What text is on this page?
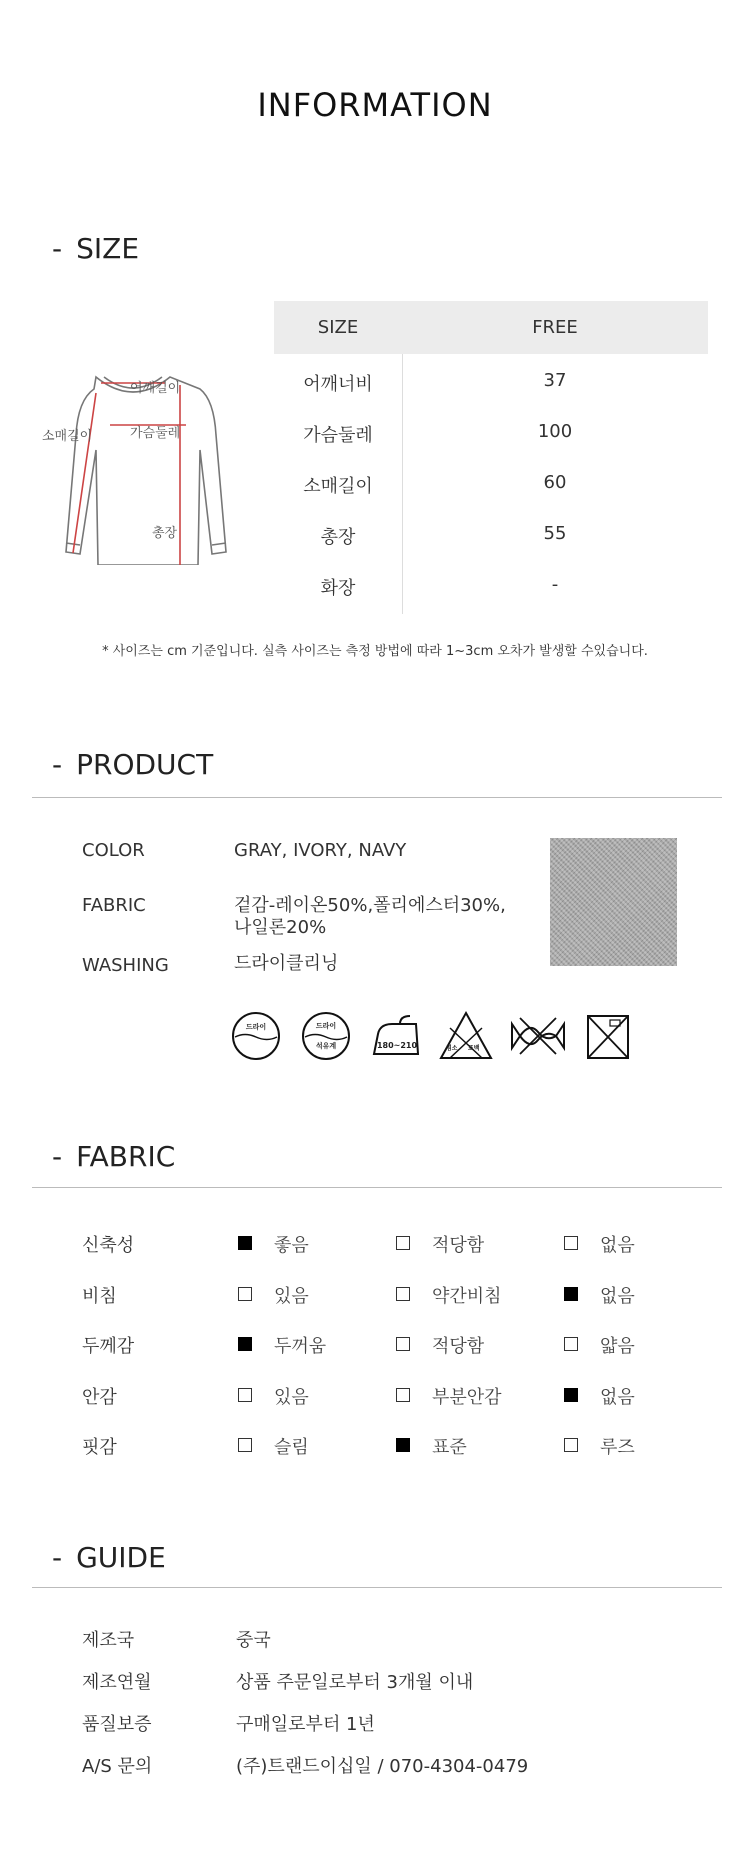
INFORMATION
- SIZE
어깨길이
가슴둘레
소매길이
총장
SIZE	FREE
어깨너비	37
가슴둘레	100
소매길이	60
총장	55
화장	-
* 사이즈는 cm 기준입니다. 실측 사이즈는 측정 방법에 따라 1~3cm 오차가 발생할 수있습니다.
- PRODUCT
COLOR	GRAY, IVORY, NAVY
FABRIC	겉감-레이온50%,폴리에스터30%,
나일론20%
WASHING	드라이클리닝
드라이	드라이
석유계	180~210	염소 표백
- FABRIC
신축성	좋음	적당함	없음
비침	있음	약간비침	없음
두께감	두꺼움	적당함	얇음
안감	있음	부분안감	없음
핏감	슬림	표준	루즈
- GUIDE
제조국	중국
제조연월	상품 주문일로부터 3개월 이내
품질보증	구매일로부터 1년
A/S 문의	(주)트랜드이십일 / 070-4304-0479
